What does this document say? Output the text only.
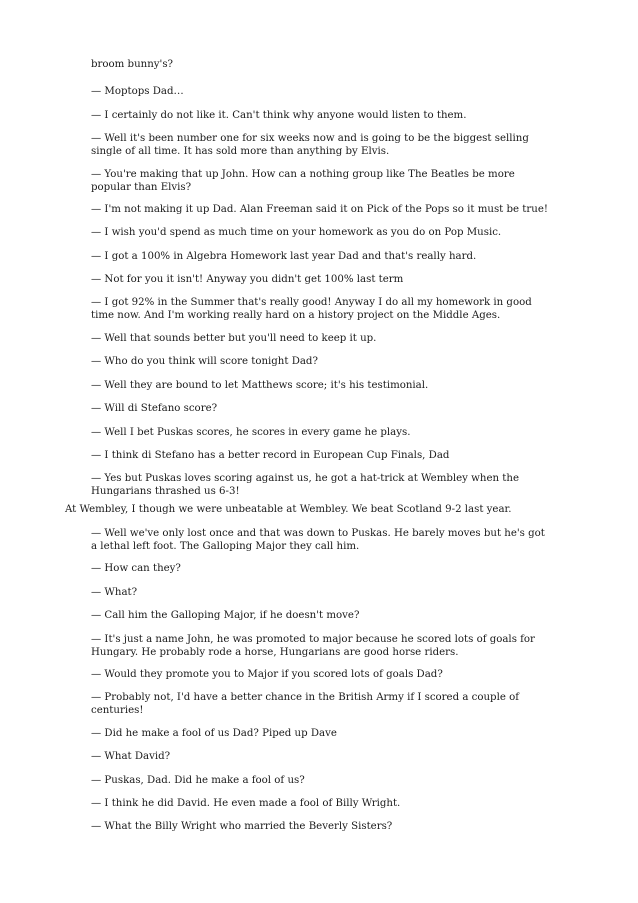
broom bunny's?

— Moptops Dad…

— I certainly do not like it. Can't think why anyone would listen to them.

— Well it's been number one for six weeks now and is going to be the biggest selling single of all time. It has sold more than anything by Elvis.

— You're making that up John. How can a nothing group like The Beatles be more popular than Elvis?

— I'm not making it up Dad. Alan Freeman said it on Pick of the Pops so it must be true!

— I wish you'd spend as much time on your homework as you do on Pop Music.

— I got a 100% in Algebra Homework last year Dad and that's really hard.

— Not for you it isn't! Anyway you didn't get 100% last term

— I got 92% in the Summer that's really good! Anyway I do all my homework in good time now. And I'm working really hard on a history project on the Middle Ages.

— Well that sounds better but you'll need to keep it up.

— Who do you think will score tonight Dad?

— Well they are bound to let Matthews score; it's his testimonial.

— Will di Stefano score?

— Well I bet Puskas scores, he scores in every game he plays.

— I think di Stefano has a better record in European Cup Finals, Dad

— Yes but Puskas loves scoring against us, he got a hat-trick at Wembley when the Hungarians thrashed us 6-3!

At Wembley, I though we were unbeatable at Wembley. We beat Scotland 9-2 last year.

— Well we've only lost once and that was down to Puskas. He barely moves but he's got a lethal left foot. The Galloping Major they call him.

— How can they?

— What?

— Call him the Galloping Major, if he doesn't move?

— It's just a name John, he was promoted to major because he scored lots of goals for Hungary. He probably rode a horse, Hungarians are good horse riders.

— Would they promote you to Major if you scored lots of goals Dad?

— Probably not, I'd have a better chance in the British Army if I scored a couple of centuries!

— Did he make a fool of us Dad? Piped up Dave

— What David?

— Puskas, Dad. Did he make a fool of us?

— I think he did David. He even made a fool of Billy Wright.

— What the Billy Wright who married the Beverly Sisters?
